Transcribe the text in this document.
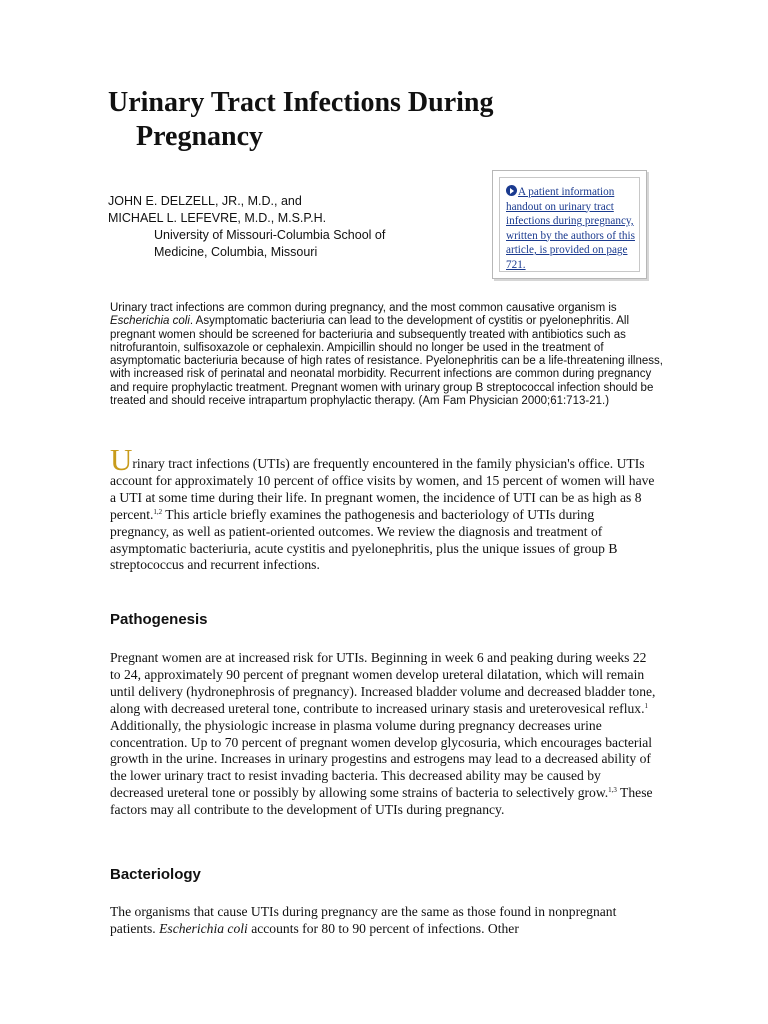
Urinary Tract Infections During
Pregnancy
JOHN E. DELZELL, JR., M.D., and
MICHAEL L. LEFEVRE, M.D., M.S.P.H.
University of Missouri-Columbia School of
Medicine, Columbia, Missouri
A patient information handout on urinary tract infections during pregnancy, written by the authors of this article, is provided on page 721.

Urinary tract infections are common during pregnancy, and the most common causative organism is Escherichia coli. Asymptomatic bacteriuria can lead to the development of cystitis or pyelonephritis. All pregnant women should be screened for bacteriuria and subsequently treated with antibiotics such as nitrofurantoin, sulfisoxazole or cephalexin. Ampicillin should no longer be used in the treatment of asymptomatic bacteriuria because of high rates of resistance. Pyelonephritis can be a life-threatening illness, with increased risk of perinatal and neonatal morbidity. Recurrent infections are common during pregnancy and require prophylactic treatment. Pregnant women with urinary group B streptococcal infection should be treated and should receive intrapartum prophylactic therapy. (Am Fam Physician 2000;61:713-21.)

Urinary tract infections (UTIs) are frequently encountered in the family physician's office. UTIs account for approximately 10 percent of office visits by women, and 15 percent of women will have a UTI at some time during their life. In pregnant women, the incidence of UTI can be as high as 8 percent.$^{1,2}$ This article briefly examines the pathogenesis and bacteriology of UTIs during pregnancy, as well as patient-oriented outcomes. We review the diagnosis and treatment of asymptomatic bacteriuria, acute cystitis and pyelonephritis, plus the unique issues of group B streptococcus and recurrent infections.

Pathogenesis

Pregnant women are at increased risk for UTIs. Beginning in week 6 and peaking during weeks 22 to 24, approximately 90 percent of pregnant women develop ureteral dilatation, which will remain until delivery (hydronephrosis of pregnancy). Increased bladder volume and decreased bladder tone, along with decreased ureteral tone, contribute to increased urinary stasis and ureterovesical reflux.$^1$ Additionally, the physiologic increase in plasma volume during pregnancy decreases urine concentration. Up to 70 percent of pregnant women develop glycosuria, which encourages bacterial growth in the urine. Increases in urinary progestins and estrogens may lead to a decreased ability of the lower urinary tract to resist invading bacteria. This decreased ability may be caused by decreased ureteral tone or possibly by allowing some strains of bacteria to selectively grow.$^{1,3}$ These factors may all contribute to the development of UTIs during pregnancy.

Bacteriology

The organisms that cause UTIs during pregnancy are the same as those found in nonpregnant patients. Escherichia coli accounts for 80 to 90 percent of infections. Other
